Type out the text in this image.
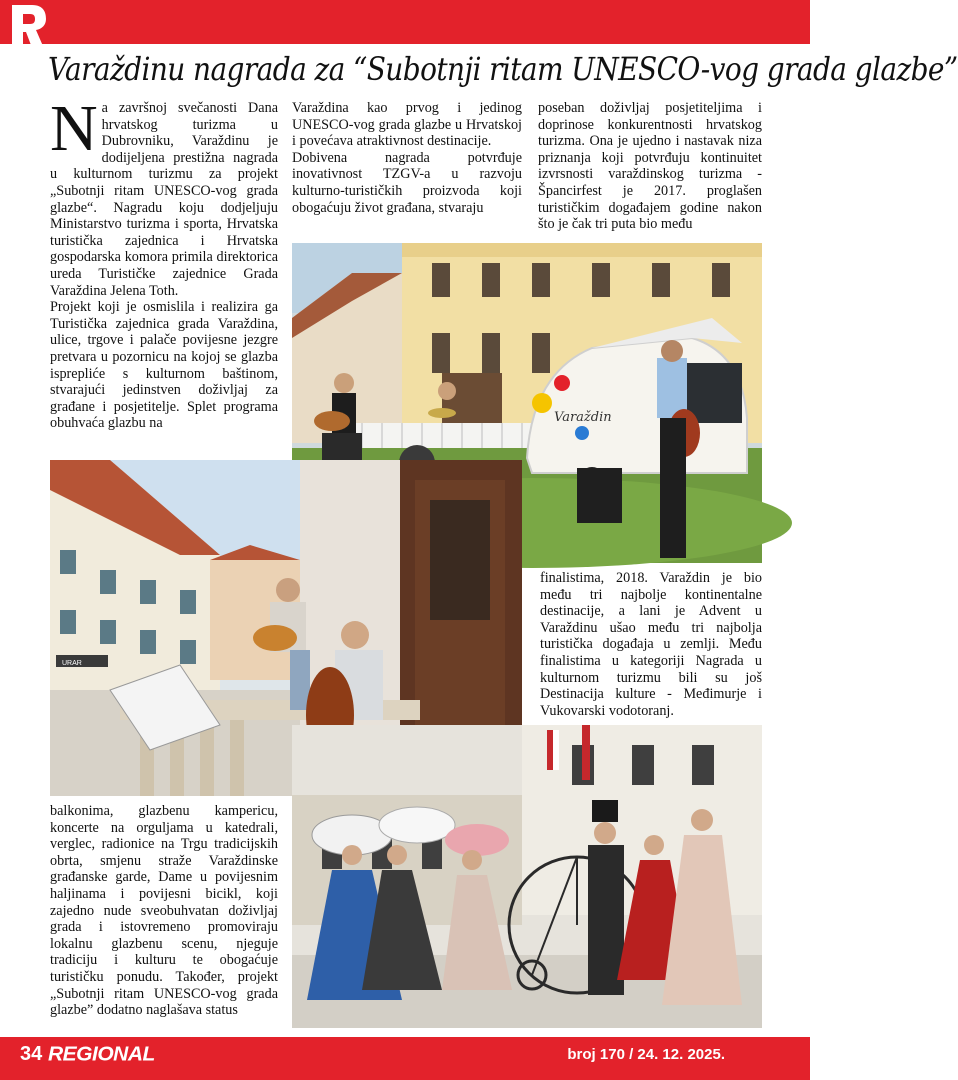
Varaždinu nagrada za “Subotnji ritam UNESCO-vog grada glazbe”
Na završnoj svečanosti Dana hrvatskog turizma u Dubrovniku, Varaždinu je dodijeljena prestižna nagrada u kulturnom turizmu za projekt „Subotnji ritam UNESCO-vog grada glazbe“. Nagradu koju dodjeljuju Ministarstvo turizma i sporta, Hrvatska turistička zajednica i Hrvatska gospodarska komora primila direktorica ureda Turističke zajednice Grada Varaždina Jelena Toth.
Projekt koji je osmislila i realizira ga Turistička zajednica grada Varaždina, ulice, trgove i palače povijesne jezgre pretvara u pozornicu na kojoj se glazba isprepliće s kulturnom baštinom, stvarajući jedinstven doživljaj za građane i posjetitelje. Splet programa obuhvaća glazbu na
Varaždina kao prvog i jedinog UNESCO-vog grada glazbe u Hrvatskoj i povećava atraktivnost destinacije.
Dobivena nagrada potvrđuje inovativnost TZGV-a u razvoju kulturno-turističkih proizvoda koji obogaćuju život građana, stvaraju
poseban doživljaj posjetiteljima i doprinose konkurentnosti hrvatskog turizma. Ona je ujedno i nastavak niza priznanja koji potvrđuju kontinuitet izvrsnosti varaždinskog turizma - Špancirfest je 2017. proglašen turističkim događajem godine nakon što je čak tri puta bio među
Varaždin
URAR
finalistima, 2018. Varaždin je bio među tri najbolje kontinentalne destinacije, a lani je Advent u Varaždinu ušao među tri najbolja turistička događaja u zemlji. Među finalistima u kategoriji Nagrada u kulturnom turizmu bili su još Destinacija kulture - Međimurje i Vukovarski vodotoranj.
balkonima, glazbenu kampericu, koncerte na orguljama u katedrali, verglec, radionice na Trgu tradicijskih obrta, smjenu straže Varaždinske građanske garde, Dame u povijesnim haljinama i povijesni bicikl, koji zajedno nude sveobuhvatan doživljaj grada i istovremeno promoviraju lokalnu glazbenu scenu, njeguje tradiciju i kulturu te obogaćuje turističku ponudu. Također, projekt „Subotnji ritam UNESCO-vog grada glazbe” dodatno naglašava status
34 REGIONAL	broj 170 / 24. 12. 2025.
